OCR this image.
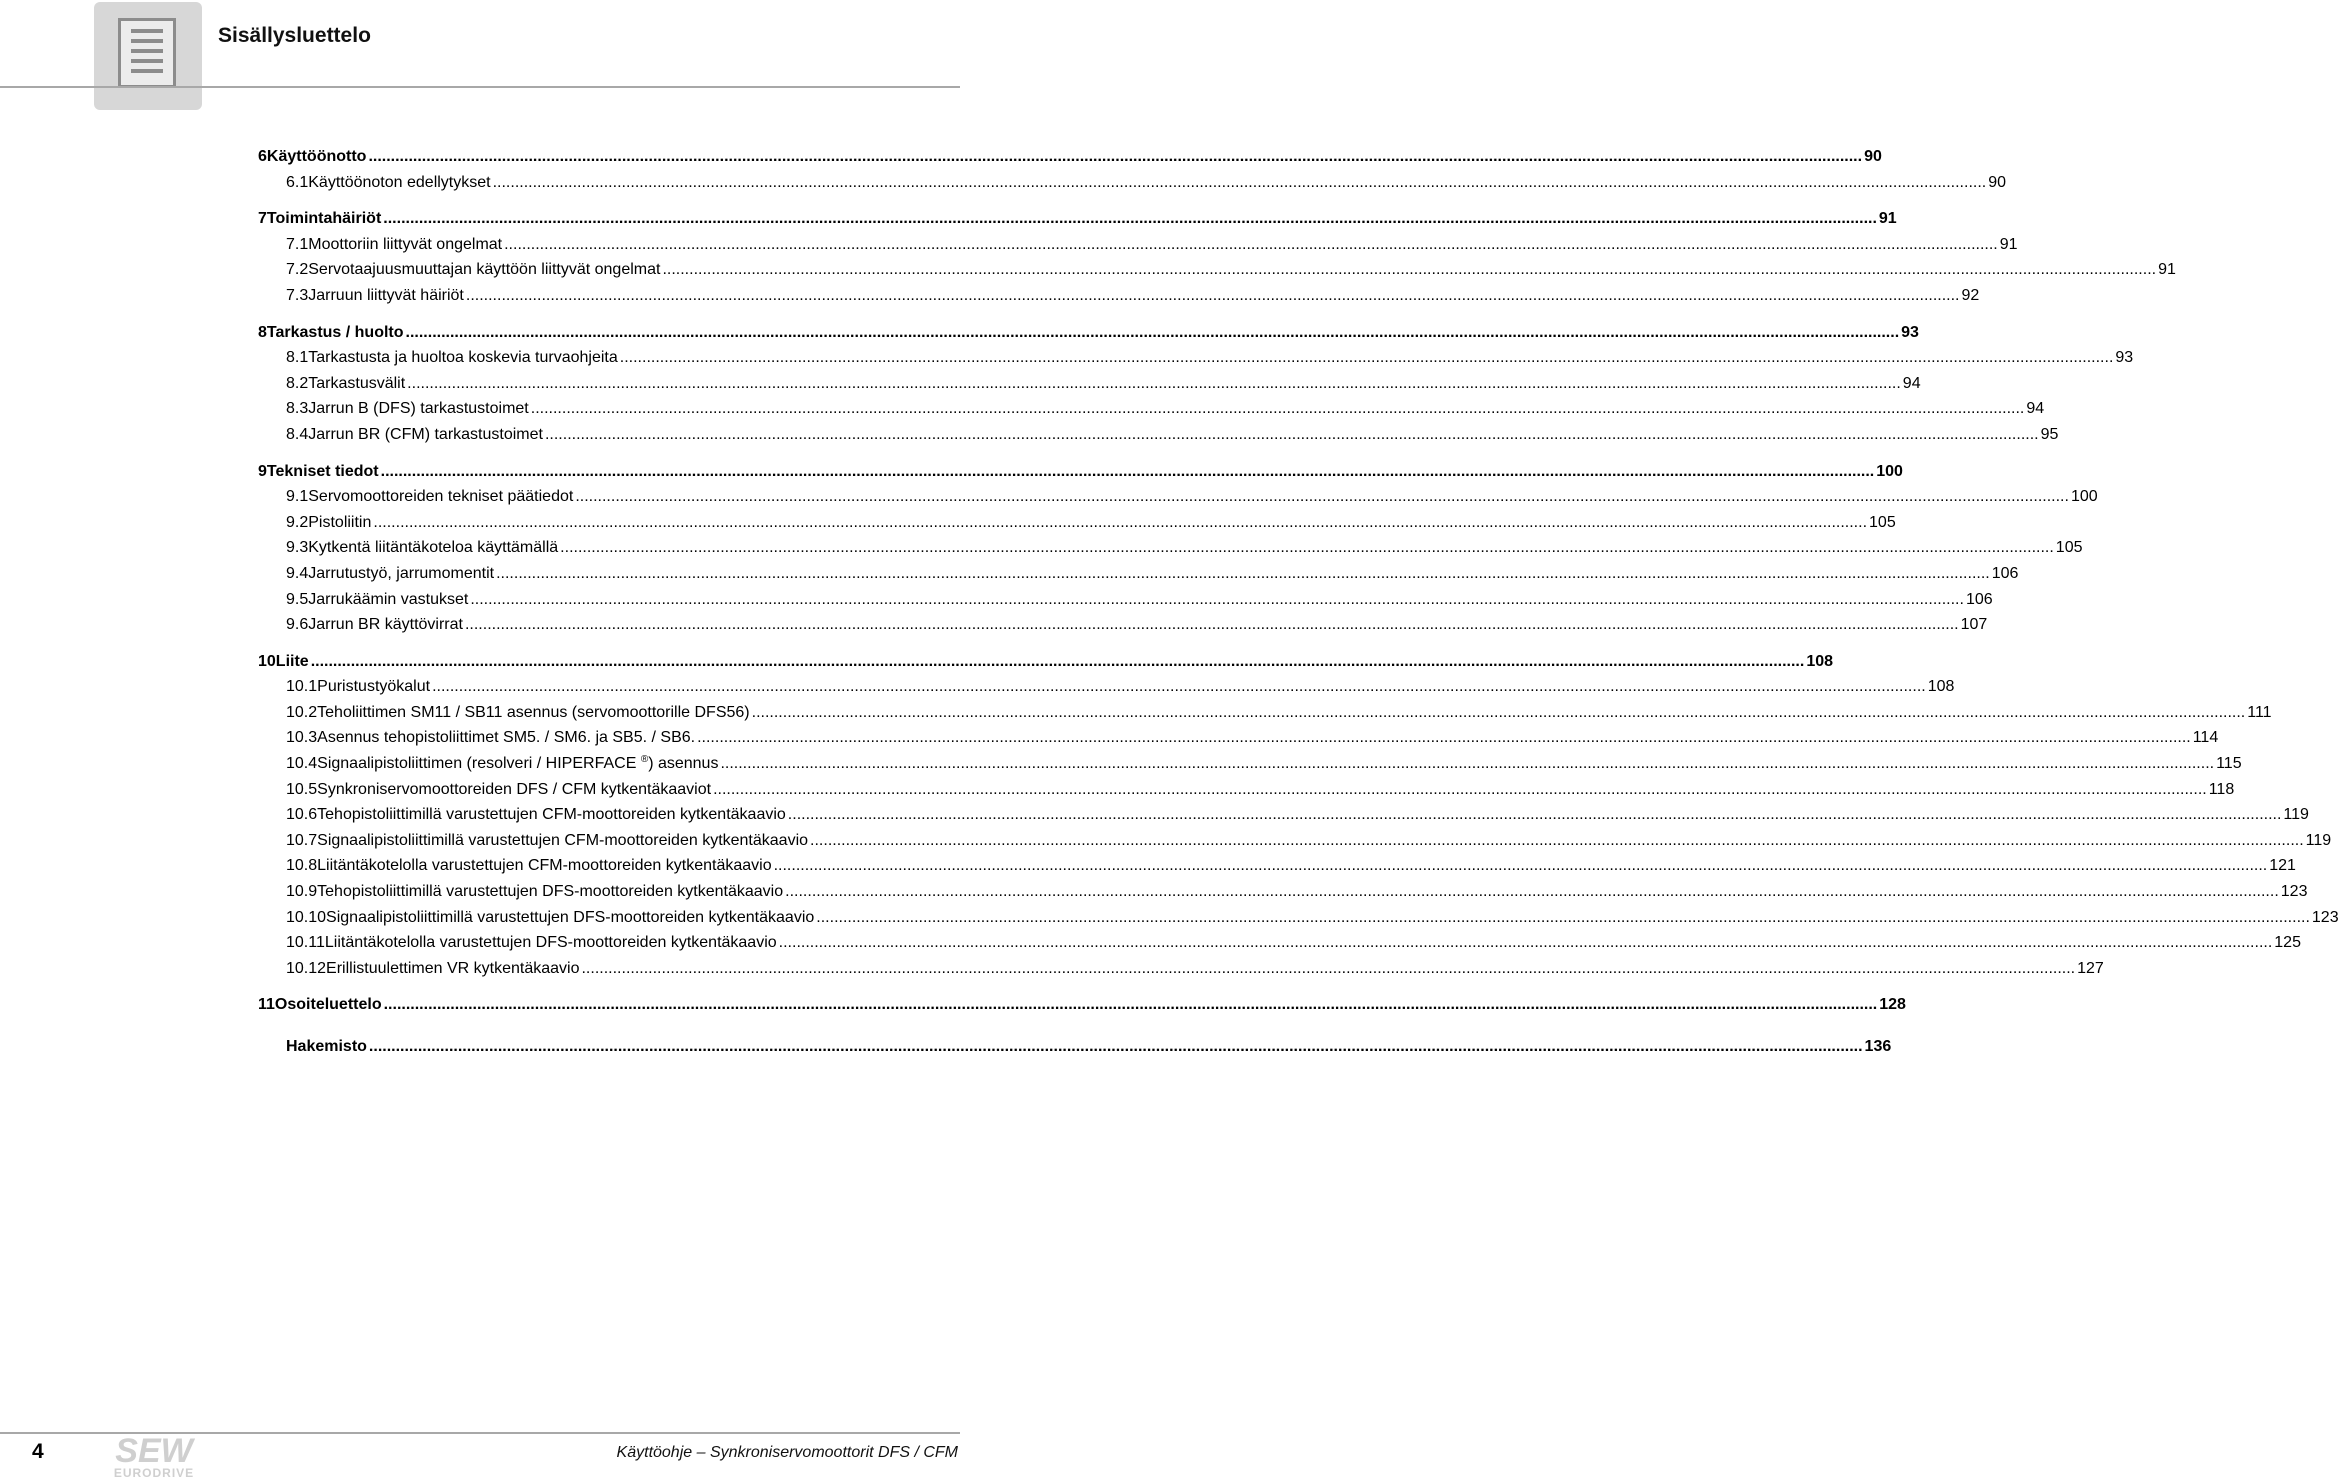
Sisällysluettelo
6 Käyttöönotto .....	90
6.1 Käyttöönoton edellytykset .....	90
7 Toimintahäiriöt .....	91
7.1 Moottoriin liittyvät ongelmat .....	91
7.2 Servotaajuusmuuttajan käyttöön liittyvät ongelmat .....	91
7.3 Jarruun liittyvät häiriöt .....	92
8 Tarkastus / huolto .....	93
8.1 Tarkastusta ja huoltoa koskevia turvaohjeita .....	93
8.2 Tarkastusvälit .....	94
8.3 Jarrun B (DFS) tarkastustoimet .....	94
8.4 Jarrun BR (CFM) tarkastustoimet .....	95
9 Tekniset tiedot .....	100
9.1 Servomoottoreiden tekniset päätiedot .....	100
9.2 Pistoliitin .....	105
9.3 Kytkentä liitäntäkoteloa käyttämällä .....	105
9.4 Jarrutustyö, jarrumomentit .....	106
9.5 Jarrukäämin vastukset .....	106
9.6 Jarrun BR käyttövirrat .....	107
10 Liite .....	108
10.1 Puristustyökalut .....	108
10.2 Teholiittimen SM11 / SB11 asennus (servomoottorille DFS56) .....	111
10.3 Asennus tehopistoliittimet SM5. / SM6. ja SB5. / SB6. .....	114
10.4 Signaalipistoliittimen (resolveri / HIPERFACE ®) asennus .....	115
10.5 Synkroniservomoottoreiden DFS / CFM kytkentäkaaviot .....	118
10.6 Tehopistoliittimillä varustettujen CFM-moottoreiden kytkentäkaavio .....	119
10.7 Signaalipistoliittimillä varustettujen CFM-moottoreiden kytkentäkaavio .....	119
10.8 Liitäntäkotelolla varustettujen CFM-moottoreiden kytkentäkaavio .....	121
10.9 Tehopistoliittimillä varustettujen DFS-moottoreiden kytkentäkaavio .....	123
10.10 Signaalipistoliittimillä varustettujen DFS-moottoreiden kytkentäkaavio .....	123
10.11 Liitäntäkotelolla varustettujen DFS-moottoreiden kytkentäkaavio .....	125
10.12 Erillistuulettimen VR kytkentäkaavio .....	127
11 Osoiteluettelo .....	128
Hakemisto .....	136
4 SEW
EURODRIVE
Käyttöohje – Synkroniservomoottorit DFS / CFM
